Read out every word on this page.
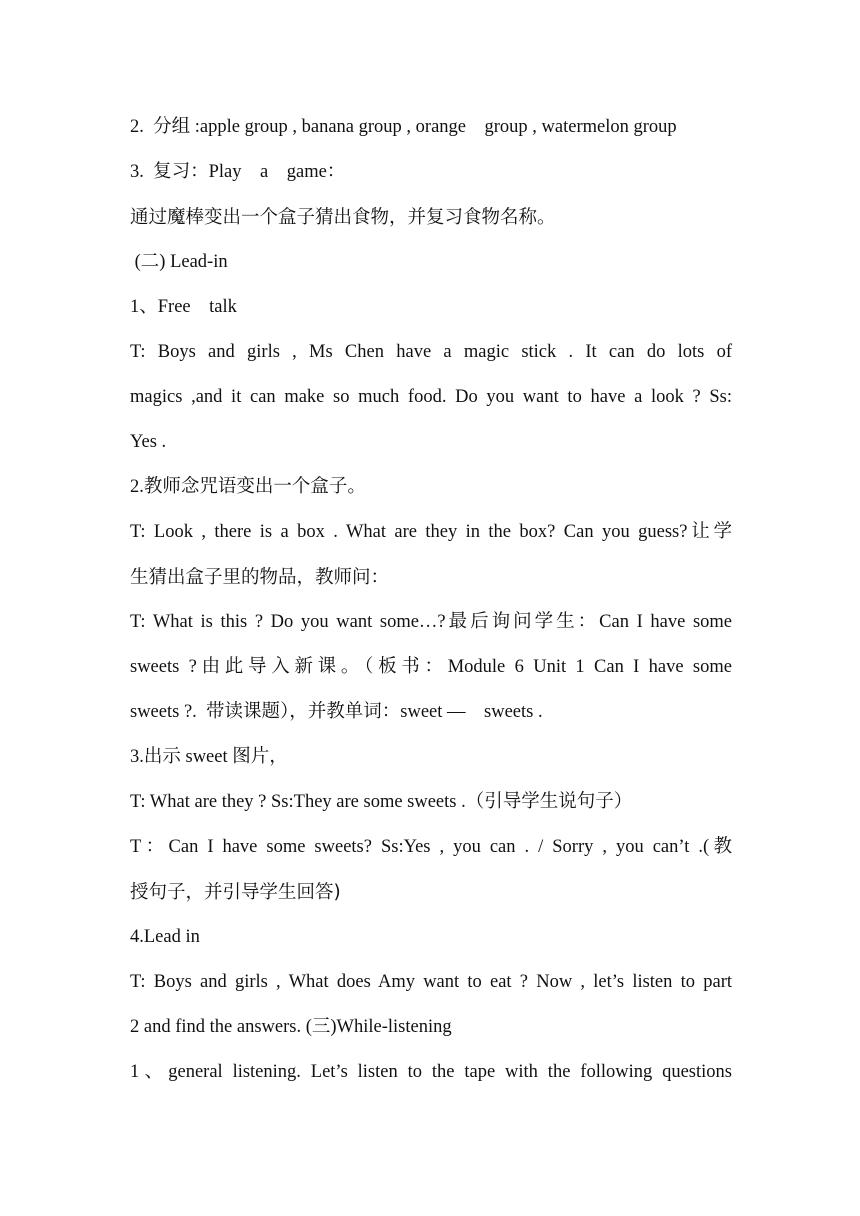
2.  分组 :apple group , banana group , orange    group , watermelon group
3.  复习：Play    a    game：
通过魔棒变出一个盒子猜出食物，并复习食物名称。
(二) Lead-in
1、Free    talk
T: Boys and girls , Ms Chen have a magic stick . It can do lots of
magics ,and it can make so much food. Do you want to have a look ? Ss:
Yes .
2.教师念咒语变出一个盒子。
T: Look , there is a box . What are they in the box? Can you guess?让学
生猜出盒子里的物品，教师问：
T: What is this ? Do you want some…?最后询问学生：Can I have some
sweets ?由此导入新课。（板书：Module 6 Unit 1 Can I have some
sweets ?.  带读课题），并教单词：sweet —    sweets .
3.出示 sweet 图片，
T: What are they ? Ss:They are some sweets .（引导学生说句子）
T：Can I have some sweets? Ss:Yes , you can . / Sorry , you can’t .(教
授句子，并引导学生回答)
4.Lead in
T: Boys and girls , What does Amy want to eat ? Now , let’s listen to part
2 and find the answers. (三)While-listening
1、general listening. Let’s listen to the tape with the following questions
